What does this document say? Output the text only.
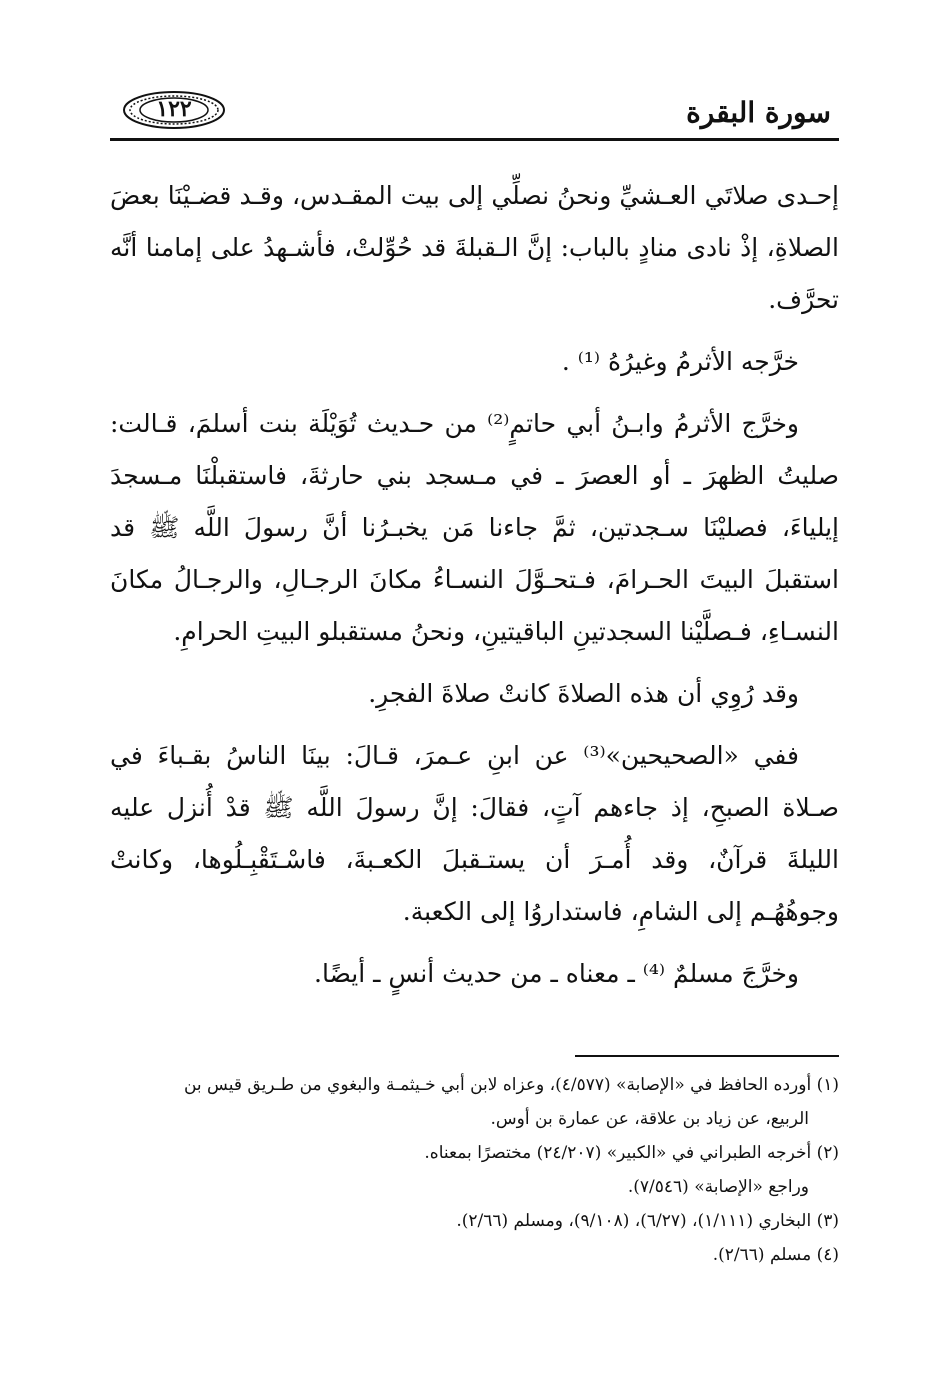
سورة البقرة
١٢٢

إحـدى صلاتَي العـشيِّ ونحنُ نصلِّي إلى بيت المقـدس، وقـد قضـيْنَا بعضَ الصلاةِ، إذْ نادى منادٍ بالباب: إنَّ الـقبلةَ قد حُوِّلتْ، فأشـهدُ على إمامنا أنَّه تحرَّف.

خرَّجه الأثرمُ وغيرُهُ ⁽¹⁾ .

وخرَّج الأثرمُ وابـنُ أبي حاتمٍ⁽²⁾ من حـديث تُوَيْلَة بنت أسلمَ، قـالت: صليتُ الظهرَ ـ أو العصرَ ـ في مـسجد بني حارثةَ، فاستقبلْنَا مـسجدَ إيلياءَ، فصليْنَا سـجدتين، ثمَّ جاءنا مَن يخبـرُنا أنَّ رسولَ اللَّه ﷺ قد استقبلَ البيتَ الحـرامَ، فـتحـوَّلَ النسـاءُ مكانَ الرجـالِ، والرجـالُ مكانَ النسـاءِ، فـصلَّيْنا السجدتينِ الباقيتينِ، ونحنُ مستقبلو البيتِ الحرامِ.

وقد رُوِي أن هذه الصلاةَ كانتْ صلاةَ الفجرِ.

ففي «الصحيحين»⁽³⁾ عن ابنِ عـمرَ، قـالَ: بينَا الناسُ بقـباءَ في صـلاة الصبحِ، إذ جاءهم آتٍ، فقالَ: إنَّ رسولَ اللَّه ﷺ قدْ أُنزل عليه الليلةَ قرآنٌ، وقد أُمـرَ أن يستـقبلَ الكعـبةَ، فاسْـتَقْبِـلُوها، وكانتْ وجوهُهُـم إلى الشامِ، فاستداروُا إلى الكعبة.

وخرَّجَ مسلمٌ ⁽⁴⁾ ـ معناه ـ من حديث أنسٍ ـ أيضًا.

(١) أورده الحافظ في «الإصابة» (٤/٥٧٧)، وعزاه لابن أبي خـيثمـة والبغوي من طـريق قيس بن

الربيع، عن زياد بن علاقة، عن عمارة بن أوس.

(٢) أخرجه الطبراني في «الكبير» (٢٤/٢٠٧) مختصرًا بمعناه.

وراجع «الإصابة» (٧/٥٤٦).

(٣) البخاري (١/١١١)، (٦/٢٧)، (٩/١٠٨)، ومسلم (٢/٦٦).

(٤) مسلم (٢/٦٦).
